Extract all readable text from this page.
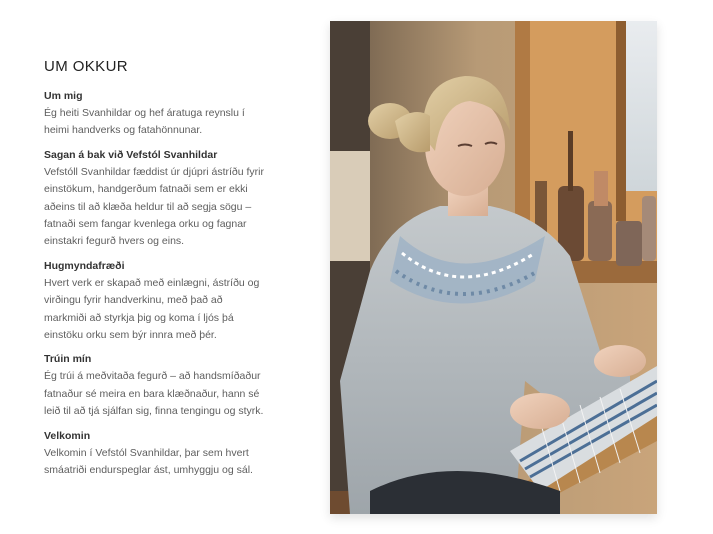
UM OKKUR
Um mig

Ég heiti Svanhildar og hef áratuga reynslu í
heimi handverks og fatahönnunar.

Sagan á bak við Vefstól Svanhildar

Vefstóll Svanhildar fæddist úr djúpri ástríðu fyrir
einstökum, handgerðum fatnaði sem er ekki
aðeins til að klæða heldur til að segja sögu –
fatnaði sem fangar kvenlega orku og fagnar
einstakri fegurð hvers og eins.

Hugmyndafræði

Hvert verk er skapað með einlægni, ástríðu og
virðingu fyrir handverkinu, með það að
markmiði að styrkja þig og koma í ljós þá
einstöku orku sem býr innra með þér.

Trúin mín

Ég trúi á meðvitaða fegurð – að handsmíðaður
fatnaður sé meira en bara klæðnaður, hann sé
leið til að tjá sjálfan sig, finna tengingu og styrk.

Velkomin

Velkomin í Vefstól Svanhildar, þar sem hvert
smáatriði endurspeglar ást, umhyggju og sál.
